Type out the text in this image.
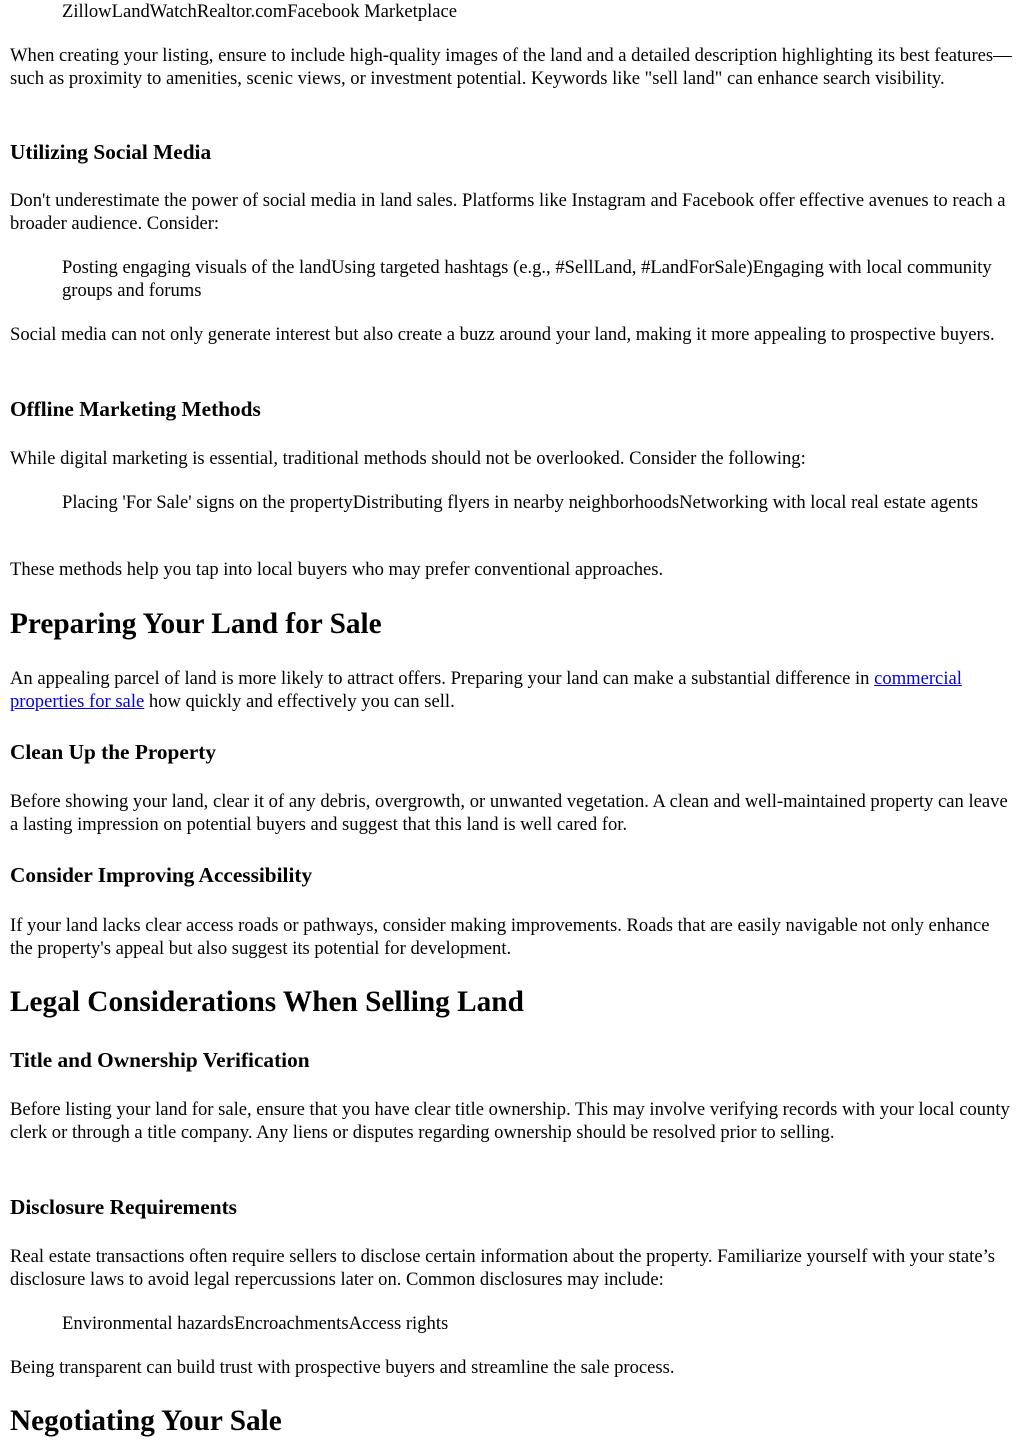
ZillowLandWatchRealtor.comFacebook Marketplace

When creating your listing, ensure to include high-quality images of the land and a detailed description highlighting its best features—such as proximity to amenities, scenic views, or investment potential. Keywords like "sell land" can enhance search visibility.

Utilizing Social Media

Don't underestimate the power of social media in land sales. Platforms like Instagram and Facebook offer effective avenues to reach a broader audience. Consider:

Posting engaging visuals of the landUsing targeted hashtags (e.g., #SellLand, #LandForSale)Engaging with local community groups and forums

Social media can not only generate interest but also create a buzz around your land, making it more appealing to prospective buyers.

Offline Marketing Methods

While digital marketing is essential, traditional methods should not be overlooked. Consider the following:

Placing 'For Sale' signs on the propertyDistributing flyers in nearby neighborhoodsNetworking with local real estate agents

These methods help you tap into local buyers who may prefer conventional approaches.

Preparing Your Land for Sale

An appealing parcel of land is more likely to attract offers. Preparing your land can make a substantial difference in commercial properties for sale how quickly and effectively you can sell.

Clean Up the Property

Before showing your land, clear it of any debris, overgrowth, or unwanted vegetation. A clean and well-maintained property can leave a lasting impression on potential buyers and suggest that this land is well cared for.

Consider Improving Accessibility

If your land lacks clear access roads or pathways, consider making improvements. Roads that are easily navigable not only enhance the property's appeal but also suggest its potential for development.

Legal Considerations When Selling Land
Title and Ownership Verification

Before listing your land for sale, ensure that you have clear title ownership. This may involve verifying records with your local county clerk or through a title company. Any liens or disputes regarding ownership should be resolved prior to selling.

Disclosure Requirements

Real estate transactions often require sellers to disclose certain information about the property. Familiarize yourself with your state’s disclosure laws to avoid legal repercussions later on. Common disclosures may include:

Environmental hazardsEncroachmentsAccess rights

Being transparent can build trust with prospective buyers and streamline the sale process.

Negotiating Your Sale
